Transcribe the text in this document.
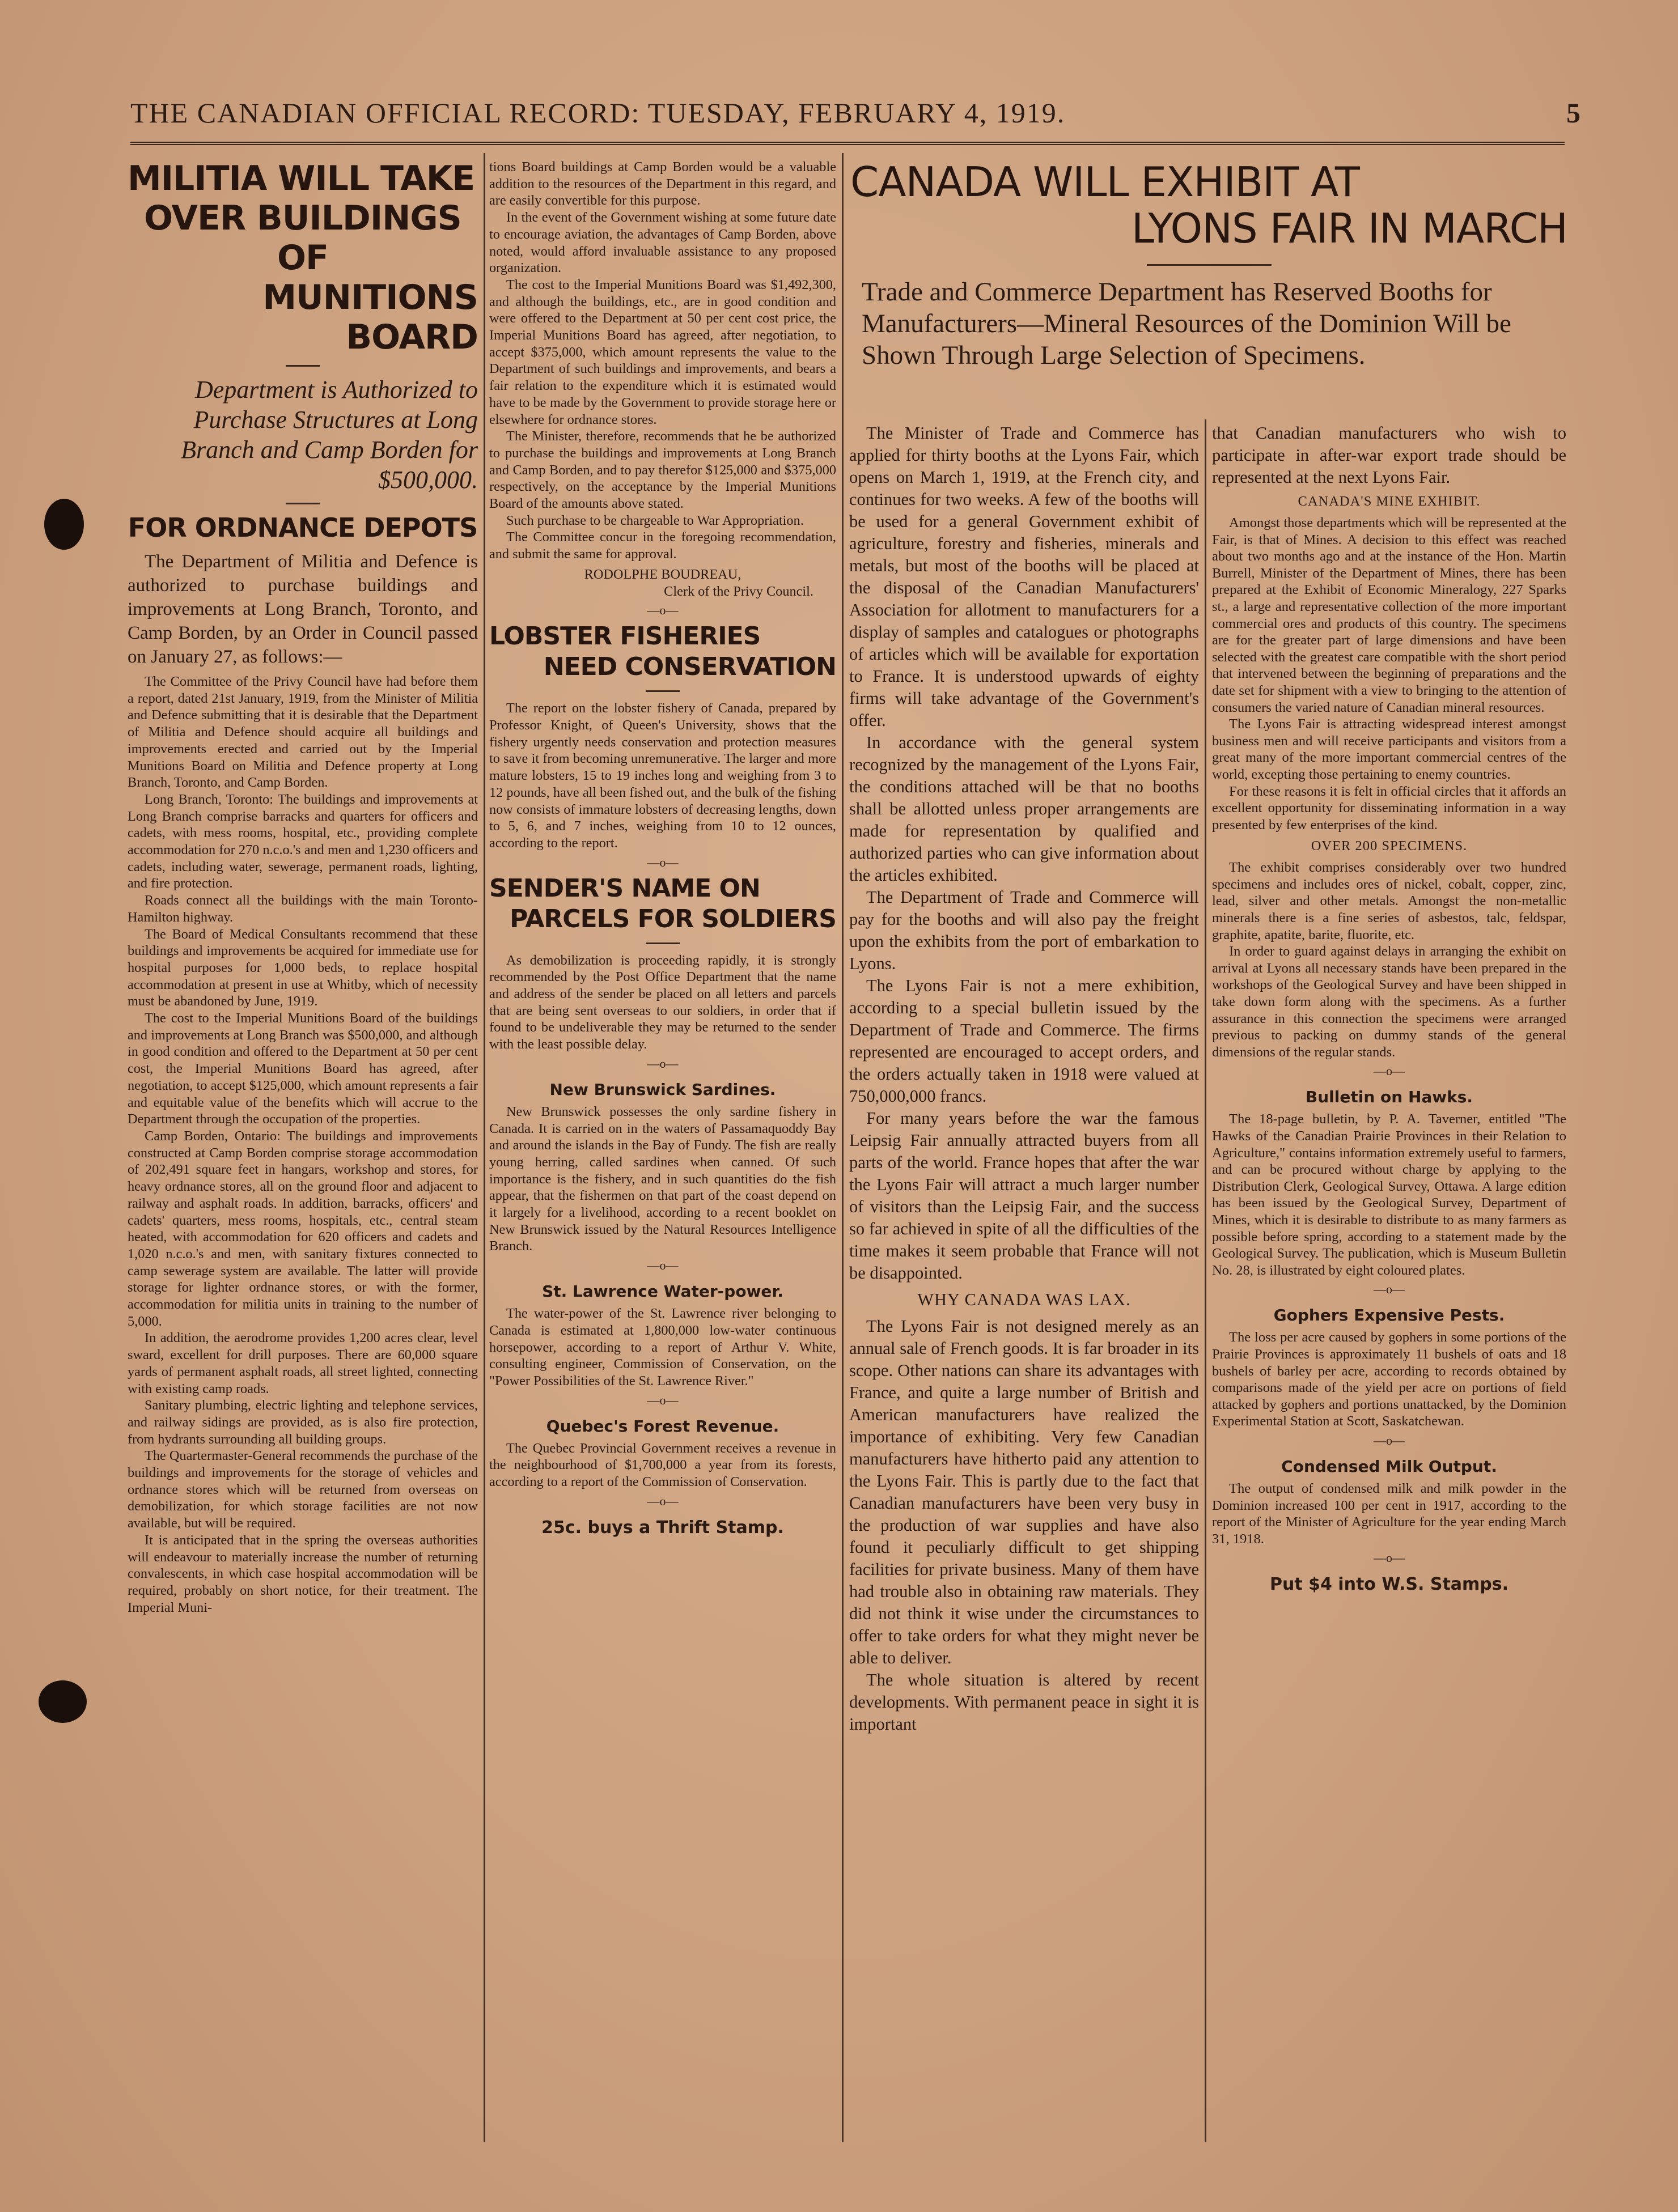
THE CANADIAN OFFICIAL RECORD: TUESDAY, FEBRUARY 4, 1919.	5
MILITIA WILL TAKE
OVER BUILDINGS OF
MUNITIONS BOARD
Department is Authorized to Purchase Structures at Long Branch and Camp Borden for $500,000.
FOR ORDNANCE DEPOTS

The Department of Militia and Defence is authorized to purchase buildings and improvements at Long Branch, Toronto, and Camp Borden, by an Order in Council passed on January 27, as follows:—

The Committee of the Privy Council have had before them a report, dated 21st January, 1919, from the Minister of Militia and Defence submitting that it is desirable that the Department of Militia and Defence should acquire all buildings and improvements erected and carried out by the Imperial Munitions Board on Militia and Defence property at Long Branch, Toronto, and Camp Borden.

Long Branch, Toronto: The buildings and improvements at Long Branch comprise barracks and quarters for officers and cadets, with mess rooms, hospital, etc., providing complete accommodation for 270 n.c.o.'s and men and 1,230 officers and cadets, including water, sewerage, permanent roads, lighting, and fire protection.

Roads connect all the buildings with the main Toronto-Hamilton highway.

The Board of Medical Consultants recommend that these buildings and improvements be acquired for immediate use for hospital purposes for 1,000 beds, to replace hospital accommodation at present in use at Whitby, which of necessity must be abandoned by June, 1919.

The cost to the Imperial Munitions Board of the buildings and improvements at Long Branch was $500,000, and although in good condition and offered to the Department at 50 per cent cost, the Imperial Munitions Board has agreed, after negotiation, to accept $125,000, which amount represents a fair and equitable value of the benefits which will accrue to the Department through the occupation of the properties.

Camp Borden, Ontario: The buildings and improvements constructed at Camp Borden comprise storage accommodation of 202,491 square feet in hangars, workshop and stores, for heavy ordnance stores, all on the ground floor and adjacent to railway and asphalt roads. In addition, barracks, officers' and cadets' quarters, mess rooms, hospitals, etc., central steam heated, with accommodation for 620 officers and cadets and 1,020 n.c.o.'s and men, with sanitary fixtures connected to camp sewerage system are available. The latter will provide storage for lighter ordnance stores, or with the former, accommodation for militia units in training to the number of 5,000.

In addition, the aerodrome provides 1,200 acres clear, level sward, excellent for drill purposes. There are 60,000 square yards of permanent asphalt roads, all street lighted, connecting with existing camp roads.

Sanitary plumbing, electric lighting and telephone services, and railway sidings are provided, as is also fire protection, from hydrants surrounding all building groups.

The Quartermaster-General recommends the purchase of the buildings and improvements for the storage of vehicles and ordnance stores which will be returned from overseas on demobilization, for which storage facilities are not now available, but will be required.

It is anticipated that in the spring the overseas authorities will endeavour to materially increase the number of returning convalescents, in which case hospital accommodation will be required, probably on short notice, for their treatment. The Imperial Muni-

tions Board buildings at Camp Borden would be a valuable addition to the resources of the Department in this regard, and are easily convertible for this purpose.

In the event of the Government wishing at some future date to encourage aviation, the advantages of Camp Borden, above noted, would afford invaluable assistance to any proposed organization.

The cost to the Imperial Munitions Board was $1,492,300, and although the buildings, etc., are in good condition and were offered to the Department at 50 per cent cost price, the Imperial Munitions Board has agreed, after negotiation, to accept $375,000, which amount represents the value to the Department of such buildings and improvements, and bears a fair relation to the expenditure which it is estimated would have to be made by the Government to provide storage here or elsewhere for ordnance stores.

The Minister, therefore, recommends that he be authorized to purchase the buildings and improvements at Long Branch and Camp Borden, and to pay therefor $125,000 and $375,000 respectively, on the acceptance by the Imperial Munitions Board of the amounts above stated.

Such purchase to be chargeable to War Appropriation.

The Committee concur in the foregoing recommendation, and submit the same for approval.

RODOLPHE BOUDREAU,
Clerk of the Privy Council.
—o—
LOBSTER FISHERIES
NEED CONSERVATION

The report on the lobster fishery of Canada, prepared by Professor Knight, of Queen's University, shows that the fishery urgently needs conservation and protection measures to save it from becoming unremunerative. The larger and more mature lobsters, 15 to 19 inches long and weighing from 3 to 12 pounds, have all been fished out, and the bulk of the fishing now consists of immature lobsters of decreasing lengths, down to 5, 6, and 7 inches, weighing from 10 to 12 ounces, according to the report.

—o—
SENDER'S NAME ON
PARCELS FOR SOLDIERS

As demobilization is proceeding rapidly, it is strongly recommended by the Post Office Department that the name and address of the sender be placed on all letters and parcels that are being sent overseas to our soldiers, in order that if found to be undeliverable they may be returned to the sender with the least possible delay.

—o—
New Brunswick Sardines.

New Brunswick possesses the only sardine fishery in Canada. It is carried on in the waters of Passamaquoddy Bay and around the islands in the Bay of Fundy. The fish are really young herring, called sardines when canned. Of such importance is the fishery, and in such quantities do the fish appear, that the fishermen on that part of the coast depend on it largely for a livelihood, according to a recent booklet on New Brunswick issued by the Natural Resources Intelligence Branch.

—o—
St. Lawrence Water-power.

The water-power of the St. Lawrence river belonging to Canada is estimated at 1,800,000 low-water continuous horsepower, according to a report of Arthur V. White, consulting engineer, Commission of Conservation, on the "Power Possibilities of the St. Lawrence River."

—o—
Quebec's Forest Revenue.

The Quebec Provincial Government receives a revenue in the neighbourhood of $1,700,000 a year from its forests, according to a report of the Commission of Conservation.

—o—
25c. buys a Thrift Stamp.
CANADA WILL EXHIBIT AT
LYONS FAIR IN MARCH
Trade and Commerce Department has Reserved Booths for Manufacturers—Mineral Resources of the Dominion Will be Shown Through Large Selection of Specimens.

The Minister of Trade and Commerce has applied for thirty booths at the Lyons Fair, which opens on March 1, 1919, at the French city, and continues for two weeks. A few of the booths will be used for a general Government exhibit of agriculture, forestry and fisheries, minerals and metals, but most of the booths will be placed at the disposal of the Canadian Manufacturers' Association for allotment to manufacturers for a display of samples and catalogues or photographs of articles which will be available for exportation to France. It is understood upwards of eighty firms will take advantage of the Government's offer.

In accordance with the general system recognized by the management of the Lyons Fair, the conditions attached will be that no booths shall be allotted unless proper arrangements are made for representation by qualified and authorized parties who can give information about the articles exhibited.

The Department of Trade and Commerce will pay for the booths and will also pay the freight upon the exhibits from the port of embarkation to Lyons.

The Lyons Fair is not a mere exhibition, according to a special bulletin issued by the Department of Trade and Commerce. The firms represented are encouraged to accept orders, and the orders actually taken in 1918 were valued at 750,000,000 francs.

For many years before the war the famous Leipsig Fair annually attracted buyers from all parts of the world. France hopes that after the war the Lyons Fair will attract a much larger number of visitors than the Leipsig Fair, and the success so far achieved in spite of all the difficulties of the time makes it seem probable that France will not be disappointed.

WHY CANADA WAS LAX.

The Lyons Fair is not designed merely as an annual sale of French goods. It is far broader in its scope. Other nations can share its advantages with France, and quite a large number of British and American manufacturers have realized the importance of exhibiting. Very few Canadian manufacturers have hitherto paid any attention to the Lyons Fair. This is partly due to the fact that Canadian manufacturers have been very busy in the production of war supplies and have also found it peculiarly difficult to get shipping facilities for private business. Many of them have had trouble also in obtaining raw materials. They did not think it wise under the circumstances to offer to take orders for what they might never be able to deliver.

The whole situation is altered by recent developments. With permanent peace in sight it is important

that Canadian manufacturers who wish to participate in after-war export trade should be represented at the next Lyons Fair.

CANADA'S MINE EXHIBIT.

Amongst those departments which will be represented at the Fair, is that of Mines. A decision to this effect was reached about two months ago and at the instance of the Hon. Martin Burrell, Minister of the Department of Mines, there has been prepared at the Exhibit of Economic Mineralogy, 227 Sparks st., a large and representative collection of the more important commercial ores and products of this country. The specimens are for the greater part of large dimensions and have been selected with the greatest care compatible with the short period that intervened between the beginning of preparations and the date set for shipment with a view to bringing to the attention of consumers the varied nature of Canadian mineral resources.

The Lyons Fair is attracting widespread interest amongst business men and will receive participants and visitors from a great many of the more important commercial centres of the world, excepting those pertaining to enemy countries.

For these reasons it is felt in official circles that it affords an excellent opportunity for disseminating information in a way presented by few enterprises of the kind.

OVER 200 SPECIMENS.

The exhibit comprises considerably over two hundred specimens and includes ores of nickel, cobalt, copper, zinc, lead, silver and other metals. Amongst the non-metallic minerals there is a fine series of asbestos, talc, feldspar, graphite, apatite, barite, fluorite, etc.

In order to guard against delays in arranging the exhibit on arrival at Lyons all necessary stands have been prepared in the workshops of the Geological Survey and have been shipped in take down form along with the specimens. As a further assurance in this connection the specimens were arranged previous to packing on dummy stands of the general dimensions of the regular stands.

—o—
Bulletin on Hawks.

The 18-page bulletin, by P. A. Taverner, entitled "The Hawks of the Canadian Prairie Provinces in their Relation to Agriculture," contains information extremely useful to farmers, and can be procured without charge by applying to the Distribution Clerk, Geological Survey, Ottawa. A large edition has been issued by the Geological Survey, Department of Mines, which it is desirable to distribute to as many farmers as possible before spring, according to a statement made by the Geological Survey. The publication, which is Museum Bulletin No. 28, is illustrated by eight coloured plates.

—o—
Gophers Expensive Pests.

The loss per acre caused by gophers in some portions of the Prairie Provinces is approximately 11 bushels of oats and 18 bushels of barley per acre, according to records obtained by comparisons made of the yield per acre on portions of field attacked by gophers and portions unattacked, by the Dominion Experimental Station at Scott, Saskatchewan.

—o—
Condensed Milk Output.

The output of condensed milk and milk powder in the Dominion increased 100 per cent in 1917, according to the report of the Minister of Agriculture for the year ending March 31, 1918.

—o—
Put $4 into W.S. Stamps.
